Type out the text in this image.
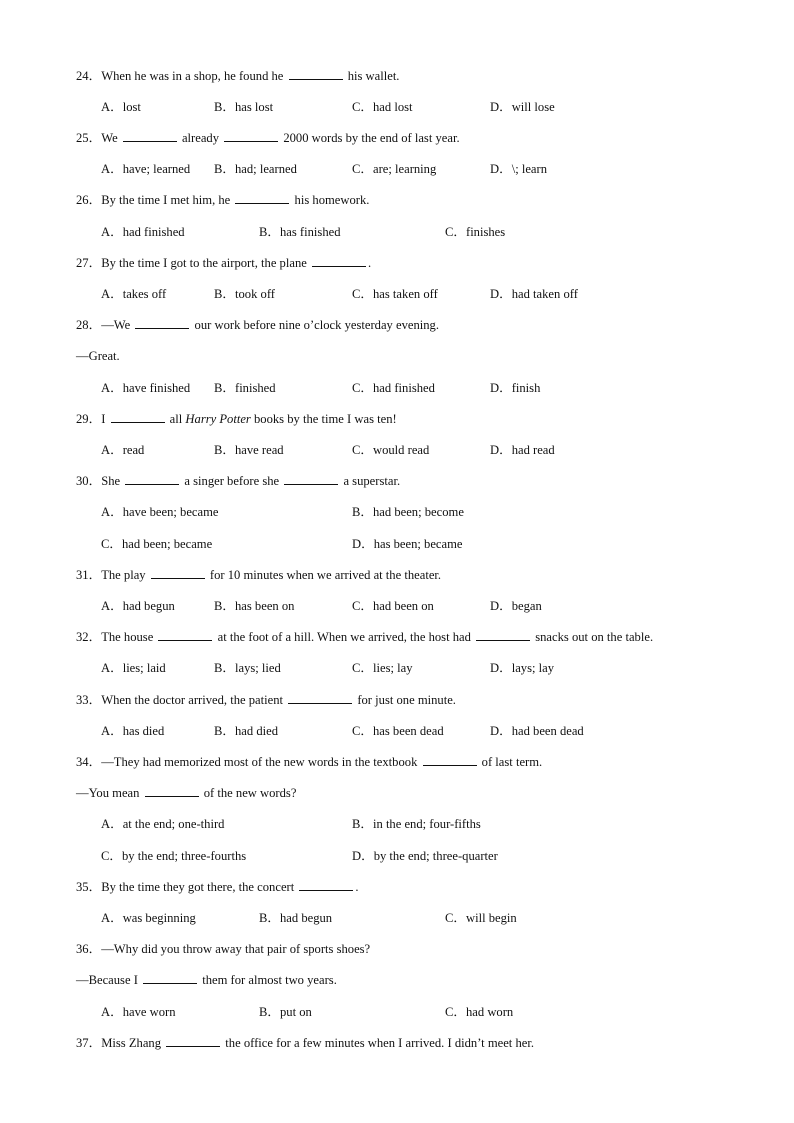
24．When he was in a shop, he found he	his wallet.
A．lost	B．has lost	C．had lost	D．will lose
25．We	already	2000 words by the end of last year.
A．have; learned B．had; learned	C．are; learning	D．\; learn
26．By the time I met him, he	his homework.
A．had finished	B．has finished	C．finishes
27．By the time I got to the airport, the plane	.
A．takes off	B．took off	C．has taken off	D．had taken off
28．—We	our work before nine o’clock yesterday evening.
—Great.
A．have finished B．finished	C．had finished	D．finish
29．I	all Harry Potter books by the time I was ten!
A．read	B．have read	C．would read	D．had read
30．She	a singer before she	a superstar.
A．have been; became	B．had been; become
C．had been; became	D．has been; became
31．The play	for 10 minutes when we arrived at the theater.
A．had begun	B．has been on	C．had been on	D．began
32．The house	at the foot of a hill. When we arrived, the host had	snacks out on the table.
A．lies; laid	B．lays; lied	C．lies; lay	D．lays; lay
33．When the doctor arrived, the patient	for just one minute.
A．has died	B．had died	C．has been dead	D．had been dead
34．—They had memorized most of the new words in the textbook	of last term.
—You mean	of the new words?
A．at the end; one-third	B．in the end; four-fifths
C．by the end; three-fourths	D．by the end; three-quarter
35．By the time they got there, the concert	.
A．was beginning	B．had begun	C．will begin
36．—Why did you throw away that pair of sports shoes?
—Because I	them for almost two years.
A．have worn	B．put on	C．had worn
37．Miss Zhang	the office for a few minutes when I arrived. I didn’t meet her.
